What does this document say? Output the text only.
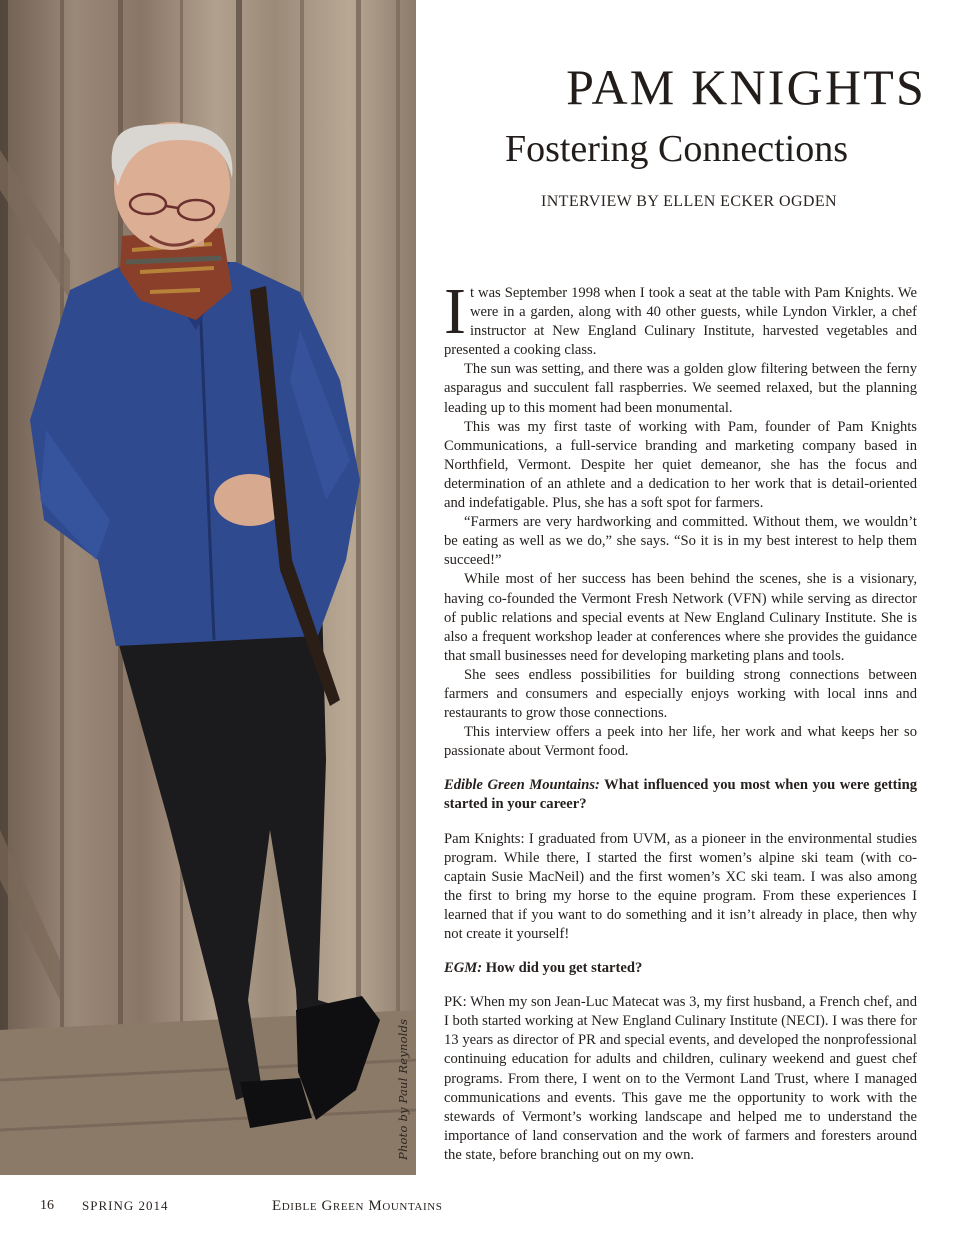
Photo by Paul Reynolds
PAM KNIGHTS
Fostering Connections
INTERVIEW BY ELLEN ECKER OGDEN

It was September 1998 when I took a seat at the table with Pam Knights. We were in a garden, along with 40 other guests, while Lyndon Virkler, a chef instructor at New England Culinary Institute, harvested vegetables and presented a cooking class.

The sun was setting, and there was a golden glow filtering between the ferny asparagus and succulent fall raspberries. We seemed relaxed, but the planning leading up to this moment had been monumental.

This was my first taste of working with Pam, founder of Pam Knights Communications, a full-service branding and marketing company based in Northfield, Vermont. Despite her quiet demeanor, she has the focus and determination of an athlete and a dedication to her work that is detail-oriented and indefatigable. Plus, she has a soft spot for farmers.

“Farmers are very hardworking and committed. Without them, we wouldn’t be eating as well as we do,” she says. “So it is in my best interest to help them succeed!”

While most of her success has been behind the scenes, she is a visionary, having co-founded the Vermont Fresh Network (VFN) while serving as director of public relations and special events at New England Culinary Institute. She is also a frequent workshop leader at conferences where she provides the guidance that small businesses need for developing marketing plans and tools.

She sees endless possibilities for building strong connections between farmers and consumers and especially enjoys working with local inns and restaurants to grow those connections.

This interview offers a peek into her life, her work and what keeps her so passionate about Vermont food.

Edible Green Mountains: What influenced you most when you were getting started in your career?

Pam Knights: I graduated from UVM, as a pioneer in the environmental studies program. While there, I started the first women’s alpine ski team (with co-captain Susie MacNeil) and the first women’s XC ski team. I was also among the first to bring my horse to the equine program. From these experiences I learned that if you want to do something and it isn’t already in place, then why not create it yourself!

EGM: How did you get started?

PK: When my son Jean-Luc Matecat was 3, my first husband, a French chef, and I both started working at New England Culinary Institute (NECI). I was there for 13 years as director of PR and special events, and developed the nonprofessional continuing education for adults and children, culinary weekend and guest chef programs. From there, I went on to the Vermont Land Trust, where I managed communications and events. This gave me the opportunity to work with the stewards of Vermont’s working landscape and helped me to understand the importance of land conservation and the work of farmers and foresters around the state, before branching out on my own.

16 SPRING 2014	Edible Green Mountains
